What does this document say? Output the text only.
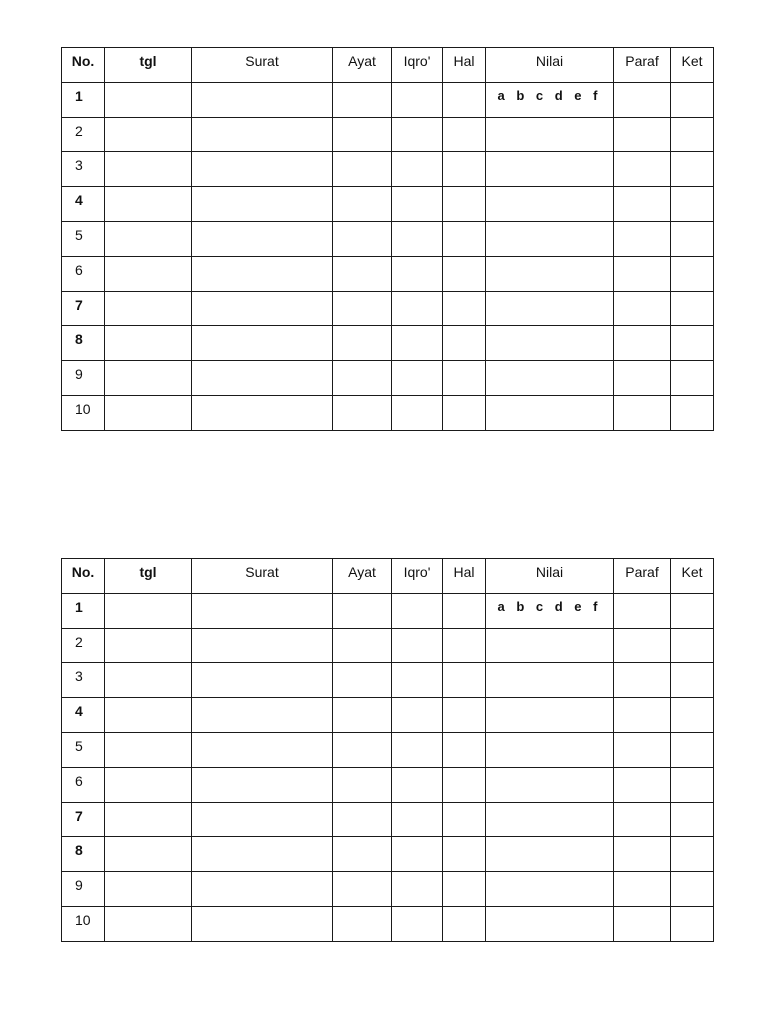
No.	tgl	Surat	Ayat	Iqro'	Hal	Nilai	Paraf	Ket
1						a b c d e f		
2								
3								
4								
5								
6								
7								
8								
9								
10								
No.	tgl	Surat	Ayat	Iqro'	Hal	Nilai	Paraf	Ket
1						a b c d e f		
2								
3								
4								
5								
6								
7								
8								
9								
10								
